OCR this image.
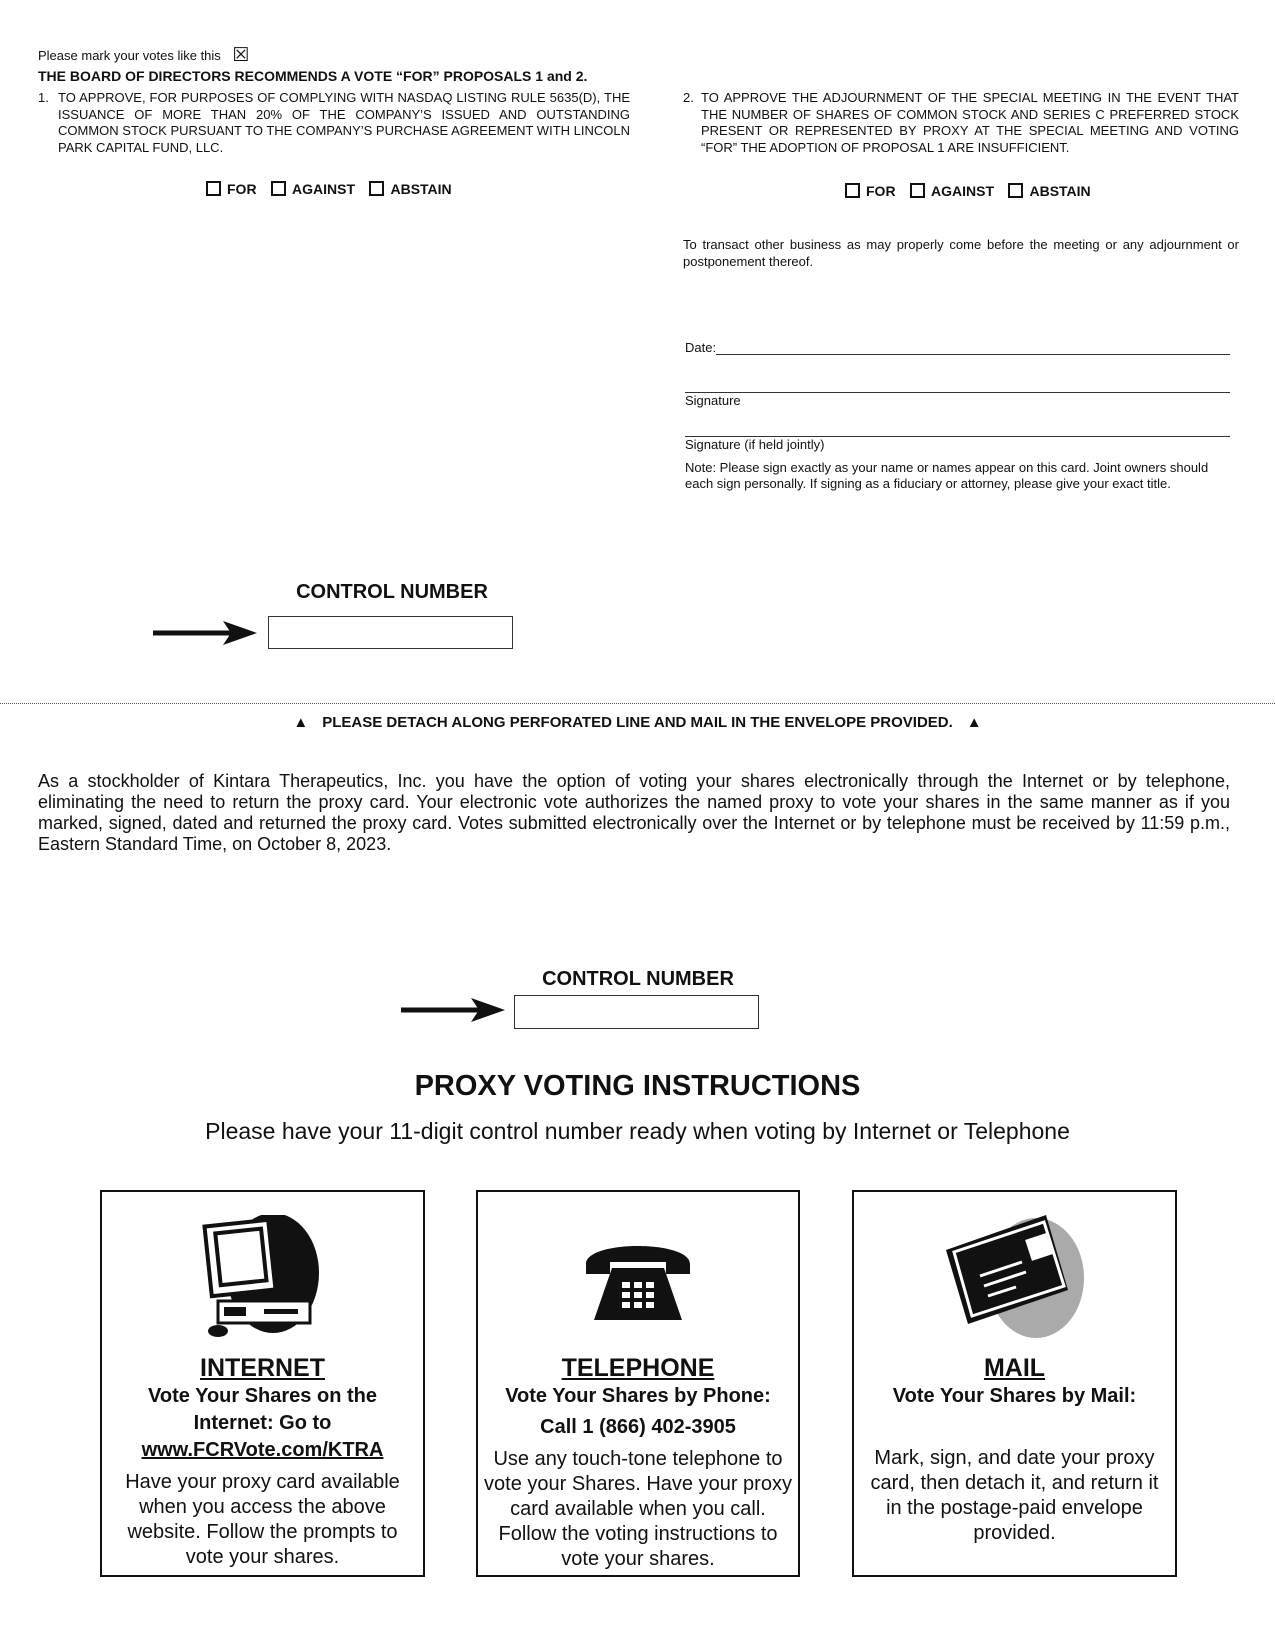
Please mark your votes like this ☒
THE BOARD OF DIRECTORS RECOMMENDS A VOTE “FOR” PROPOSALS 1 and 2.
1. TO APPROVE, FOR PURPOSES OF COMPLYING WITH NASDAQ LISTING RULE 5635(D), THE ISSUANCE OF MORE THAN 20% OF THE COMPANY’S ISSUED AND OUTSTANDING COMMON STOCK PURSUANT TO THE COMPANY’S PURCHASE AGREEMENT WITH LINCOLN PARK CAPITAL FUND, LLC.
FOR	AGAINST	ABSTAIN
2. TO APPROVE THE ADJOURNMENT OF THE SPECIAL MEETING IN THE EVENT THAT THE NUMBER OF SHARES OF COMMON STOCK AND SERIES C PREFERRED STOCK PRESENT OR REPRESENTED BY PROXY AT THE SPECIAL MEETING AND VOTING “FOR” THE ADOPTION OF PROPOSAL 1 ARE INSUFFICIENT.
FOR	AGAINST	ABSTAIN
To transact other business as may properly come before the meeting or any adjournment or postponement thereof.
Date:
Signature
Signature (if held jointly)
Note: Please sign exactly as your name or names appear on this card. Joint owners should each sign personally. If signing as a fiduciary or attorney, please give your exact title.
CONTROL NUMBER
▲ PLEASE DETACH ALONG PERFORATED LINE AND MAIL IN THE ENVELOPE PROVIDED. ▲
As a stockholder of Kintara Therapeutics, Inc. you have the option of voting your shares electronically through the Internet or by telephone, eliminating the need to return the proxy card. Your electronic vote authorizes the named proxy to vote your shares in the same manner as if you marked, signed, dated and returned the proxy card. Votes submitted electronically over the Internet or by telephone must be received by 11:59 p.m., Eastern Standard Time, on October 8, 2023.
CONTROL NUMBER
PROXY VOTING INSTRUCTIONS
Please have your 11-digit control number ready when voting by Internet or Telephone
INTERNET
Vote Your Shares on the Internet: Go to
www.FCRVote.com/KTRA
Have your proxy card available when you access the above website. Follow the prompts to vote your shares.
TELEPHONE
Vote Your Shares by Phone:
Call 1 (866) 402-3905
Use any touch-tone telephone to vote your Shares. Have your proxy card available when you call. Follow the voting instructions to vote your shares.
MAIL
Vote Your Shares by Mail:
Mark, sign, and date your proxy card, then detach it, and return it in the postage-paid envelope provided.
